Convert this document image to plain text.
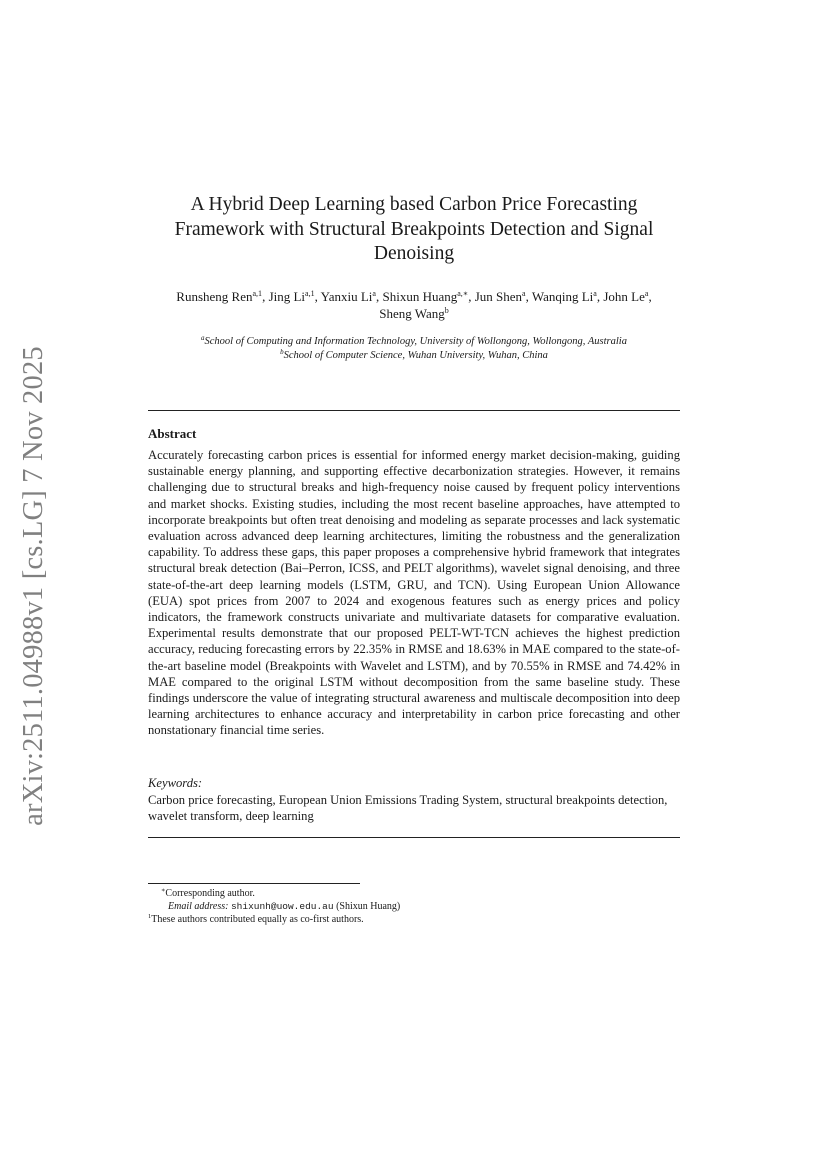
arXiv:2511.04988v1 [cs.LG] 7 Nov 2025
A Hybrid Deep Learning based Carbon Price Forecasting Framework with Structural Breakpoints Detection and Signal Denoising
Runsheng Ren$^{a,1}$, Jing Li$^{a,1}$, Yanxiu Li$^a$, Shixun Huang$^{a,∗}$, Jun Shen$^a$, Wanqing Li$^a$, John Le$^a$,
Sheng Wang$^b$
$^a$School of Computing and Information Technology, University of Wollongong, Wollongong, Australia
$^b$School of Computer Science, Wuhan University, Wuhan, China
Abstract

Accurately forecasting carbon prices is essential for informed energy market decision-making, guiding sustainable energy planning, and supporting effective decarbonization strategies. However, it remains challenging due to structural breaks and high-frequency noise caused by frequent policy interventions and market shocks. Existing studies, including the most recent baseline approaches, have attempted to incorporate breakpoints but often treat denoising and modeling as separate processes and lack systematic evaluation across advanced deep learning architectures, limiting the robustness and the generalization capability. To address these gaps, this paper proposes a comprehensive hybrid framework that integrates structural break detection (Bai–Perron, ICSS, and PELT algorithms), wavelet signal denoising, and three state-of-the-art deep learning models (LSTM, GRU, and TCN). Using European Union Allowance (EUA) spot prices from 2007 to 2024 and exogenous features such as energy prices and policy indicators, the framework constructs univariate and multivariate datasets for comparative evaluation. Experimental results demonstrate that our proposed PELT-WT-TCN achieves the highest prediction accuracy, reducing forecasting errors by 22.35% in RMSE and 18.63% in MAE compared to the state-of-the-art baseline model (Breakpoints with Wavelet and LSTM), and by 70.55% in RMSE and 74.42% in MAE compared to the original LSTM without decomposition from the same baseline study. These findings underscore the value of integrating structural awareness and multiscale decomposition into deep learning architectures to enhance accuracy and interpretability in carbon price forecasting and other nonstationary financial time series.

Keywords:

Carbon price forecasting, European Union Emissions Trading System, structural breakpoints detection, wavelet transform, deep learning

∗Corresponding author.
Email address: shixunh@uow.edu.au (Shixun Huang)
$^1$These authors contributed equally as co-first authors.
